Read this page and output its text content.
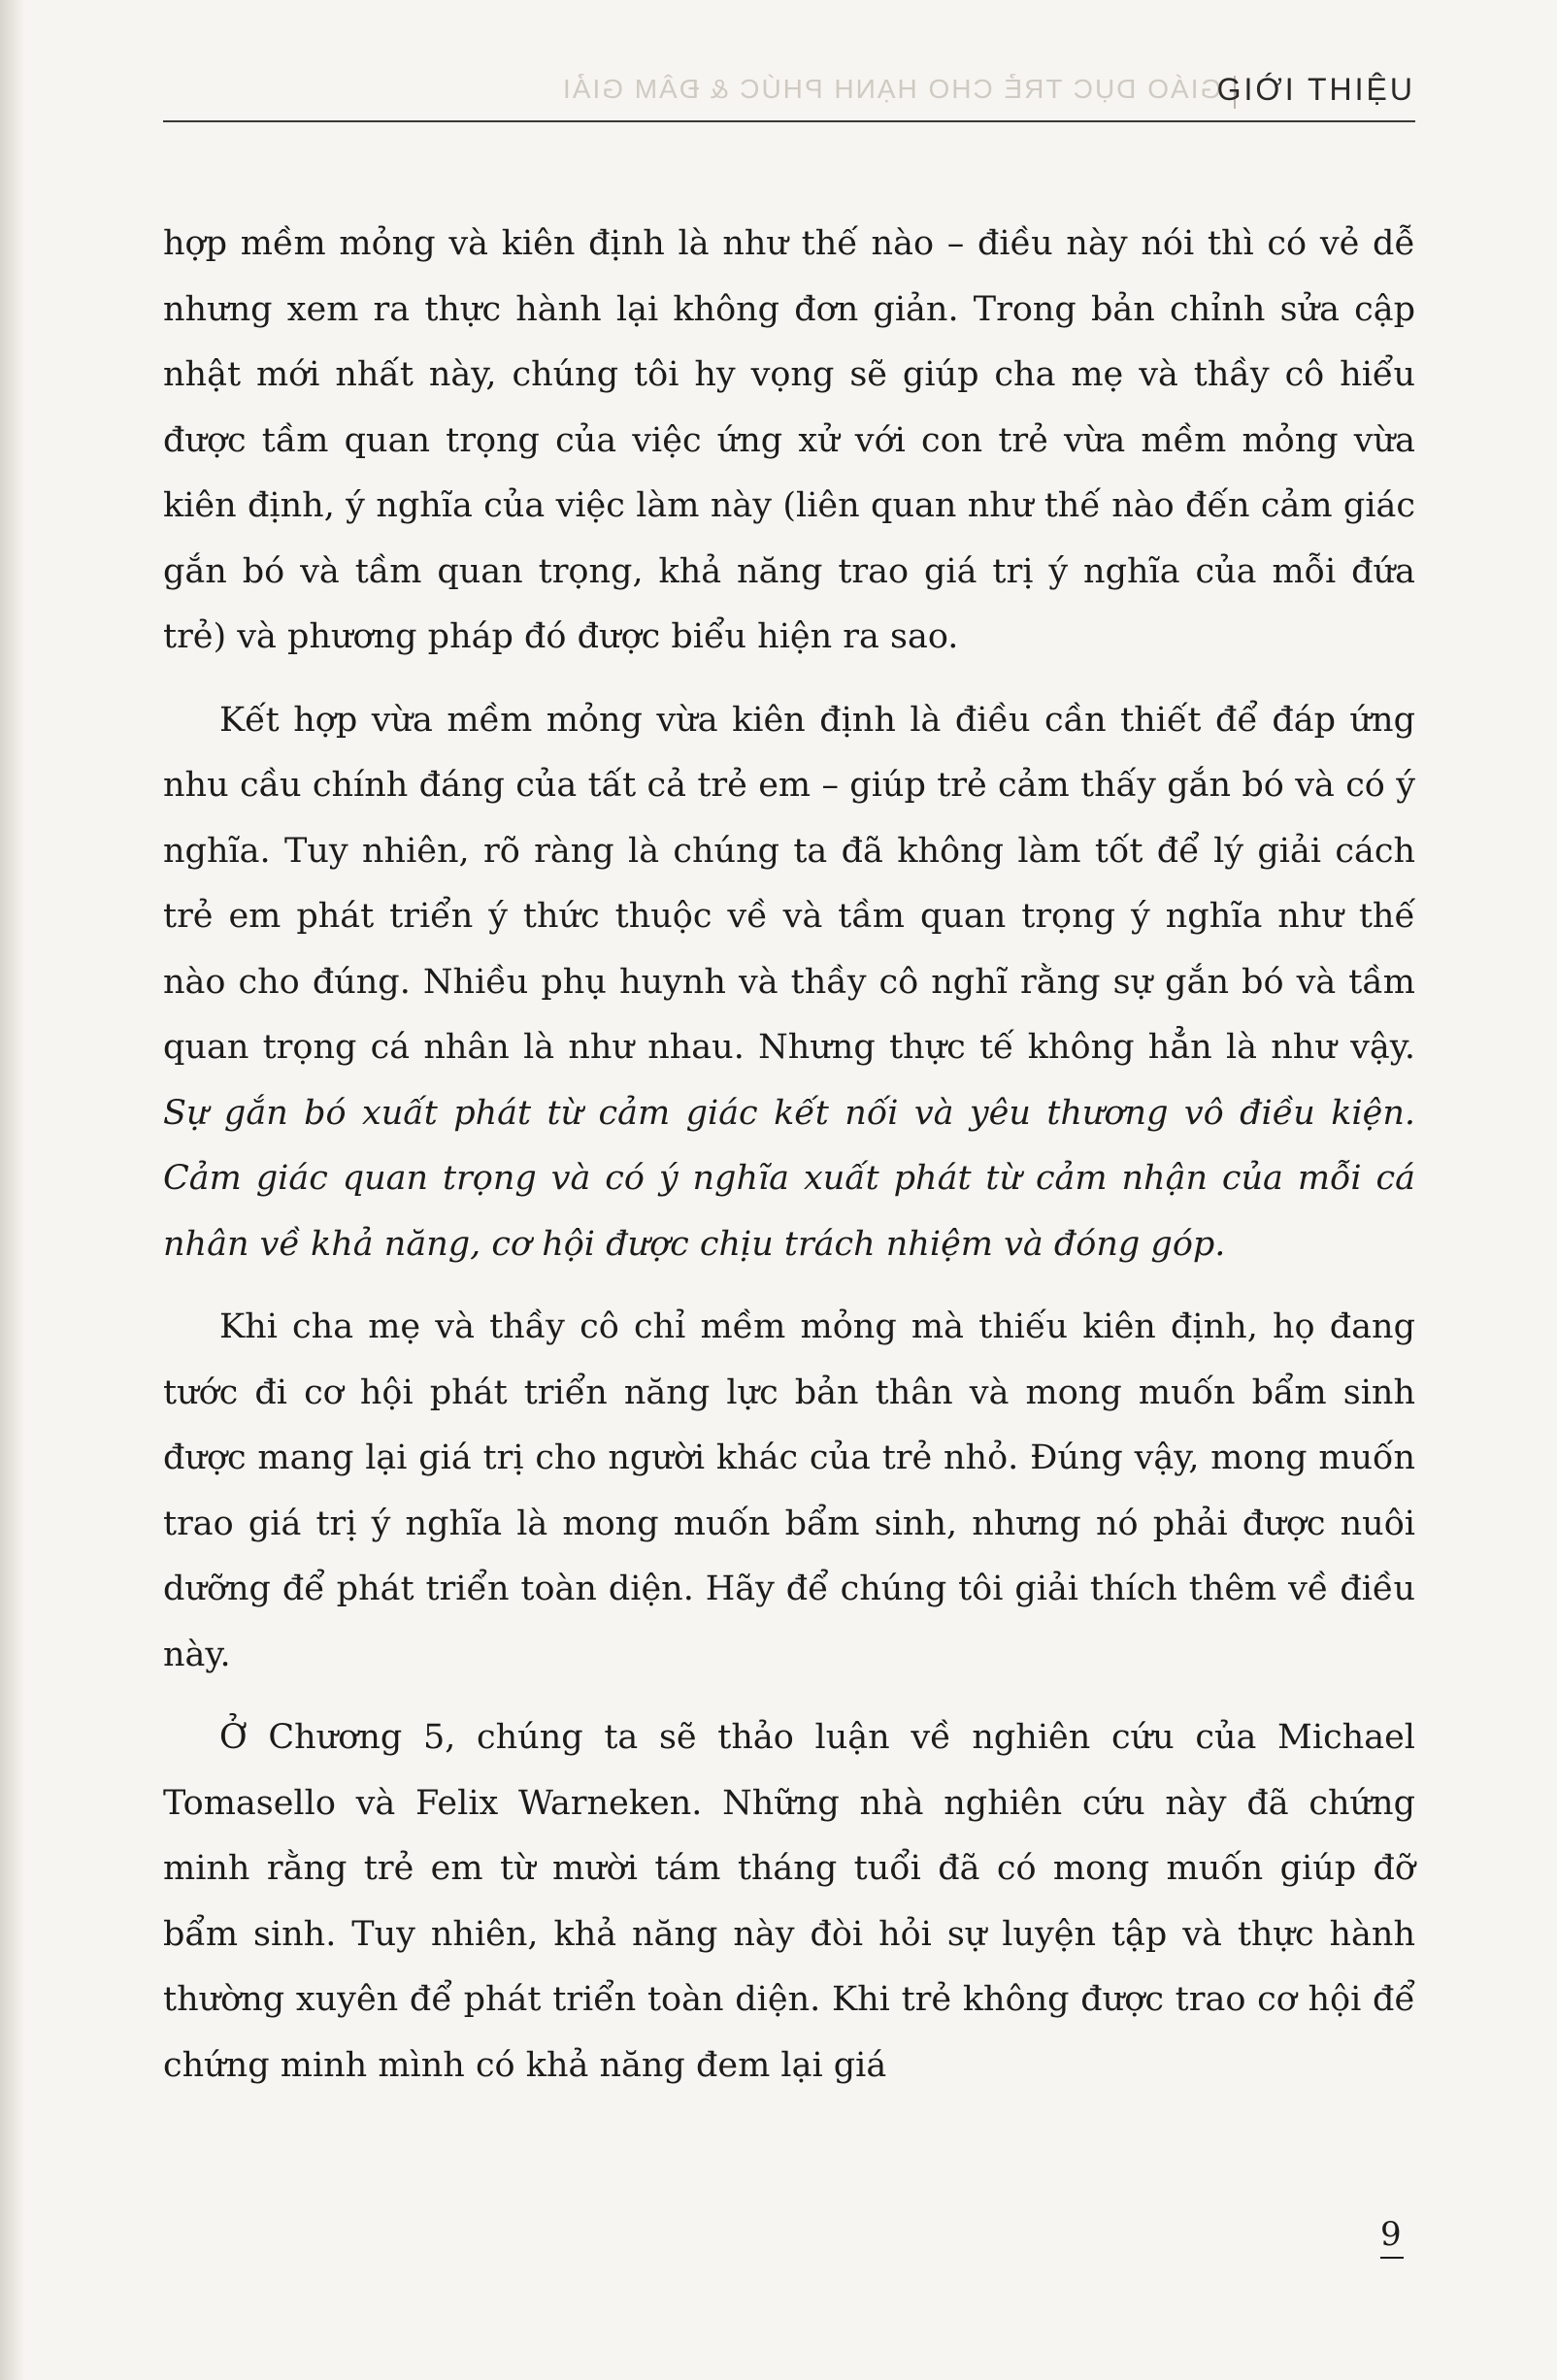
GIÁO DỤC TRẺ CHO HẠNH PHÚC & ĐÂM GIẢI
GIỚI THIỆU

hợp mềm mỏng và kiên định là như thế nào – điều này nói thì có vẻ dễ nhưng xem ra thực hành lại không đơn giản. Trong bản chỉnh sửa cập nhật mới nhất này, chúng tôi hy vọng sẽ giúp cha mẹ và thầy cô hiểu được tầm quan trọng của việc ứng xử với con trẻ vừa mềm mỏng vừa kiên định, ý nghĩa của việc làm này (liên quan như thế nào đến cảm giác gắn bó và tầm quan trọng, khả năng trao giá trị ý nghĩa của mỗi đứa trẻ) và phương pháp đó được biểu hiện ra sao.

Kết hợp vừa mềm mỏng vừa kiên định là điều cần thiết để đáp ứng nhu cầu chính đáng của tất cả trẻ em – giúp trẻ cảm thấy gắn bó và có ý nghĩa. Tuy nhiên, rõ ràng là chúng ta đã không làm tốt để lý giải cách trẻ em phát triển ý thức thuộc về và tầm quan trọng ý nghĩa như thế nào cho đúng. Nhiều phụ huynh và thầy cô nghĩ rằng sự gắn bó và tầm quan trọng cá nhân là như nhau. Nhưng thực tế không hẳn là như vậy. Sự gắn bó xuất phát từ cảm giác kết nối và yêu thương vô điều kiện. Cảm giác quan trọng và có ý nghĩa xuất phát từ cảm nhận của mỗi cá nhân về khả năng, cơ hội được chịu trách nhiệm và đóng góp.

Khi cha mẹ và thầy cô chỉ mềm mỏng mà thiếu kiên định, họ đang tước đi cơ hội phát triển năng lực bản thân và mong muốn bẩm sinh được mang lại giá trị cho người khác của trẻ nhỏ. Đúng vậy, mong muốn trao giá trị ý nghĩa là mong muốn bẩm sinh, nhưng nó phải được nuôi dưỡng để phát triển toàn diện. Hãy để chúng tôi giải thích thêm về điều này.

Ở Chương 5, chúng ta sẽ thảo luận về nghiên cứu của Michael Tomasello và Felix Warneken. Những nhà nghiên cứu này đã chứng minh rằng trẻ em từ mười tám tháng tuổi đã có mong muốn giúp đỡ bẩm sinh. Tuy nhiên, khả năng này đòi hỏi sự luyện tập và thực hành thường xuyên để phát triển toàn diện. Khi trẻ không được trao cơ hội để chứng minh mình có khả năng đem lại giá

9
